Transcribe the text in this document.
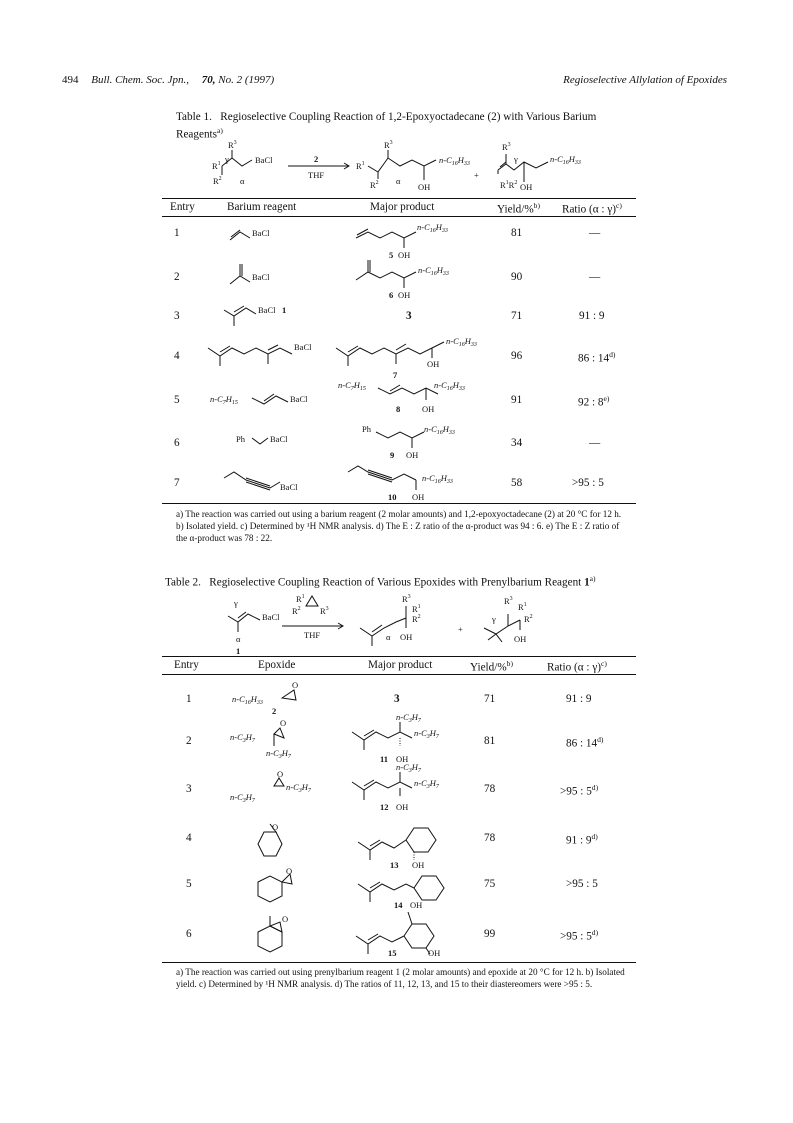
494 Bull. Chem. Soc. Jpn., 70, No. 2 (1997)	Regioselective Allylation of Epoxides
Table 1. Regioselective Coupling Reaction of 1,2-Epoxyoctadecane (2) with Various Barium Reagents$^{a)}$
$R^1$ γ
$R^3$
$R^2$ α
BaCl	2
THF
$R^1$
$R^3$
$R^2$ α
$n-C_{16}H_{33}$
OH
+
$R^3$
γ	$n-C_{16}H_{33}$
$R^1R^2$ OH
Entry	Barium reagent	Major product	Yield/%$^{b)}$ Ratio (α : γ)$^{c)}$
1	BaCl
$n-C_{16}H_{33}$
5 OH
81	—
2	BaCl
$n-C_{16}H_{33}$
6 OH
90	—
3	BaCl 1	3	71	91 : 9
4
BaCl
$n-C_{16}H_{33}$
OH
7
96	86 : 14$^{d)}$
5	$n-C_7H_{15}$	BaCl
$n-C_7H_{15}$	$n-C_{16}H_{33}$
8	OH
91	92 : 8$^{e)}$
6	Ph	BaCl
Ph	$n-C_{16}H_{33}$
9 OH
34	—
7	BaCl
$n-C_{16}H_{33}$
10 OH
58	>95 : 5
a) The reaction was carried out using a barium reagent (2 molar amounts) and 1,2-epoxyoctadecane (2) at 20 °C for 12 h. b) Isolated yield. c) Determined by ¹H NMR analysis. d) The E : Z ratio of the α-product was 94 : 6. e) The E : Z ratio of the α-product was 78 : 22.
Table 2. Regioselective Coupling Reaction of Various Epoxides with Prenylbarium Reagent 1$^{a)}$
γ
BaCl
α
1
$R^1$
$R^2$ $R^3$
THF
$R^3$
$R^1$
$R^2$
α OH
+
γ
$R^3$
$R^1$
$R^2$
OH
Entry	Epoxide	Major product	Yield/%$^{b)}$	Ratio (α : γ)$^{c)}$
1	$n-C_{16}H_{33}$
O
2
3	71	91 : 9
2
O
$n-C_3H_7$
$n-C_3H_7$
$n-C_3H_7$
$n-C_3H_7$
11 OH
81	86 : 14$^{d)}$
3
O
$n-C_3H_7$
$n-C_3H_7$
$n-C_3H_7$
$n-C_3H_7$
12 OH
78	>95 : 5$^{d)}$
4
O
13 OH
78	91 : 9$^{d)}$
5
O
14 OH
75	>95 : 5
6
O
15	OH
99	>95 : 5$^{d)}$
a) The reaction was carried out using prenylbarium reagent 1 (2 molar amounts) and epoxide at 20 °C for 12 h. b) Isolated yield. c) Determined by ¹H NMR analysis. d) The ratios of 11, 12, 13, and 15 to their diastereomers were >95 : 5.
